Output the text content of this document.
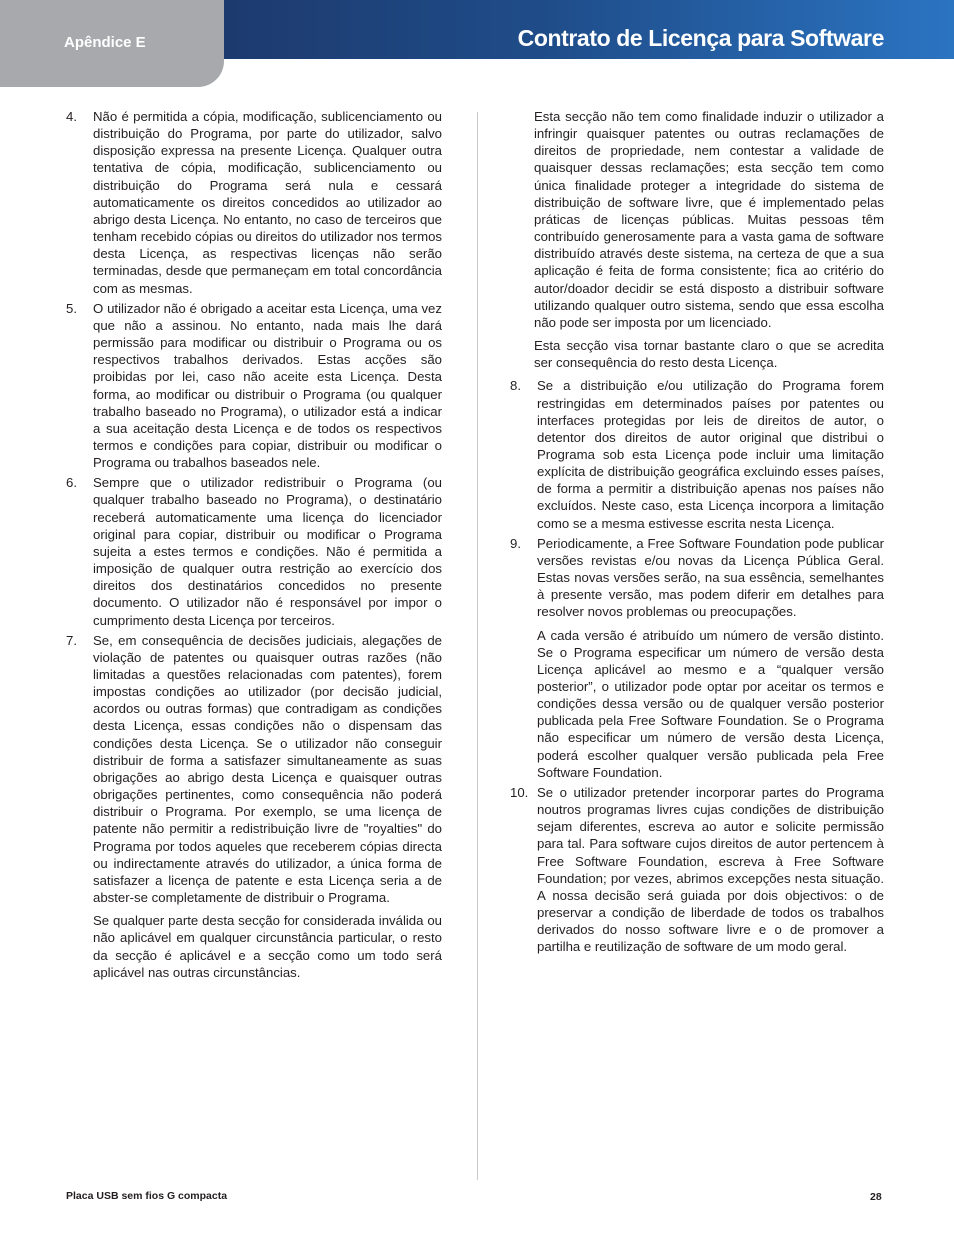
Apêndice E	Contrato de Licença para Software
4.	Não é permitida a cópia, modificação, sublicenciamento ou distribuição do Programa, por parte do utilizador, salvo disposição expressa na presente Licença. Qualquer outra tentativa de cópia, modificação, sublicenciamento ou distribuição do Programa será nula e cessará automaticamente os direitos concedidos ao utilizador ao abrigo desta Licença. No entanto, no caso de terceiros que tenham recebido cópias ou direitos do utilizador nos termos desta Licença, as respectivas licenças não serão terminadas, desde que permaneçam em total concordância com as mesmas.

5.	O utilizador não é obrigado a aceitar esta Licença, uma vez que não a assinou. No entanto, nada mais lhe dará permissão para modificar ou distribuir o Programa ou os respectivos trabalhos derivados. Estas acções são proibidas por lei, caso não aceite esta Licença. Desta forma, ao modificar ou distribuir o Programa (ou qualquer trabalho baseado no Programa), o utilizador está a indicar a sua aceitação desta Licença e de todos os respectivos termos e condições para copiar, distribuir ou modificar o Programa ou trabalhos baseados nele.

6.	Sempre que o utilizador redistribuir o Programa (ou qualquer trabalho baseado no Programa), o destinatário receberá automaticamente uma licença do licenciador original para copiar, distribuir ou modificar o Programa sujeita a estes termos e condições. Não é permitida a imposição de qualquer outra restrição ao exercício dos direitos dos destinatários concedidos no presente documento. O utilizador não é responsável por impor o cumprimento desta Licença por terceiros.

7.	Se, em consequência de decisões judiciais, alegações de violação de patentes ou quaisquer outras razões (não limitadas a questões relacionadas com patentes), forem impostas condições ao utilizador (por decisão judicial, acordos ou outras formas) que contradigam as condições desta Licença, essas condições não o dispensam das condições desta Licença. Se o utilizador não conseguir distribuir de forma a satisfazer simultaneamente as suas obrigações ao abrigo desta Licença e quaisquer outras obrigações pertinentes, como consequência não poderá distribuir o Programa. Por exemplo, se uma licença de patente não permitir a redistribuição livre de "royalties" do Programa por todos aqueles que receberem cópias directa ou indirectamente através do utilizador, a única forma de satisfazer a licença de patente e esta Licença seria a de abster-se completamente de distribuir o Programa.

Se qualquer parte desta secção for considerada inválida ou não aplicável em qualquer circunstância particular, o resto da secção é aplicável e a secção como um todo será aplicável nas outras circunstâncias.

Esta secção não tem como finalidade induzir o utilizador a infringir quaisquer patentes ou outras reclamações de direitos de propriedade, nem contestar a validade de quaisquer dessas reclamações; esta secção tem como única finalidade proteger a integridade do sistema de distribuição de software livre, que é implementado pelas práticas de licenças públicas. Muitas pessoas têm contribuído generosamente para a vasta gama de software distribuído através deste sistema, na certeza de que a sua aplicação é feita de forma consistente; fica ao critério do autor/doador decidir se está disposto a distribuir software utilizando qualquer outro sistema, sendo que essa escolha não pode ser imposta por um licenciado.

Esta secção visa tornar bastante claro o que se acredita ser consequência do resto desta Licença.

8.	Se a distribuição e/ou utilização do Programa forem restringidas em determinados países por patentes ou interfaces protegidas por leis de direitos de autor, o detentor dos direitos de autor original que distribui o Programa sob esta Licença pode incluir uma limitação explícita de distribuição geográfica excluindo esses países, de forma a permitir a distribuição apenas nos países não excluídos. Neste caso, esta Licença incorpora a limitação como se a mesma estivesse escrita nesta Licença.

9.	Periodicamente, a Free Software Foundation pode publicar versões revistas e/ou novas da Licença Pública Geral. Estas novas versões serão, na sua essência, semelhantes à presente versão, mas podem diferir em detalhes para resolver novos problemas ou preocupações.

A cada versão é atribuído um número de versão distinto. Se o Programa especificar um número de versão desta Licença aplicável ao mesmo e a “qualquer versão posterior”, o utilizador pode optar por aceitar os termos e condições dessa versão ou de qualquer versão posterior publicada pela Free Software Foundation. Se o Programa não especificar um número de versão desta Licença, poderá escolher qualquer versão publicada pela Free Software Foundation.

10. Se o utilizador pretender incorporar partes do Programa noutros programas livres cujas condições de distribuição sejam diferentes, escreva ao autor e solicite permissão para tal. Para software cujos direitos de autor pertencem à Free Software Foundation, escreva à Free Software Foundation; por vezes, abrimos excepções nesta situação. A nossa decisão será guiada por dois objectivos: o de preservar a condição de liberdade de todos os trabalhos derivados do nosso software livre e o de promover a partilha e reutilização de software de um modo geral.

Placa USB sem fios G compacta	28
